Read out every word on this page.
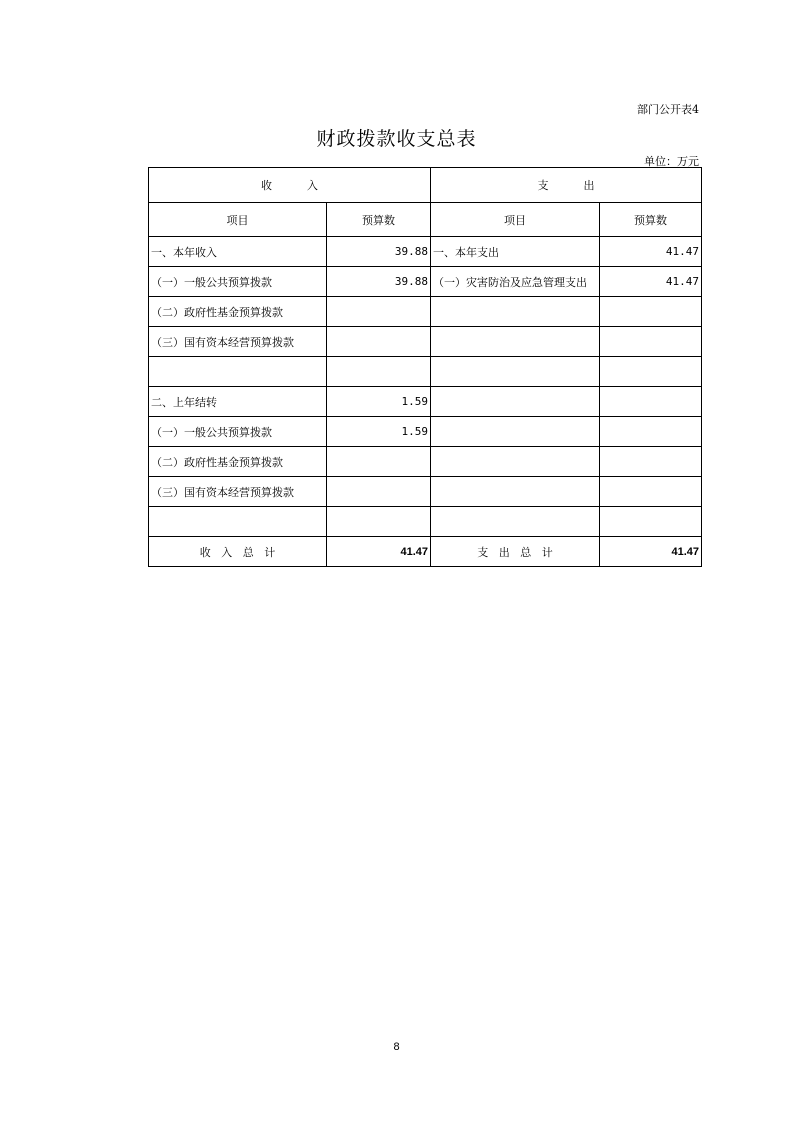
部门公开表4
财政拨款收支总表
单位：万元
收          入		支          出	
项目	预算数	项目	预算数
一、本年收入	39.88	一、本年支出	41.47
（一）一般公共预算拨款	39.88	（一）灾害防治及应急管理支出	41.47
（二）政府性基金预算拨款			
（三）国有资本经营预算拨款			

二、上年结转	1.59		
（一）一般公共预算拨款	1.59		
（二）政府性基金预算拨款			
（三）国有资本经营预算拨款			

收   入   总   计	41.47	支   出   总   计	41.47
8
